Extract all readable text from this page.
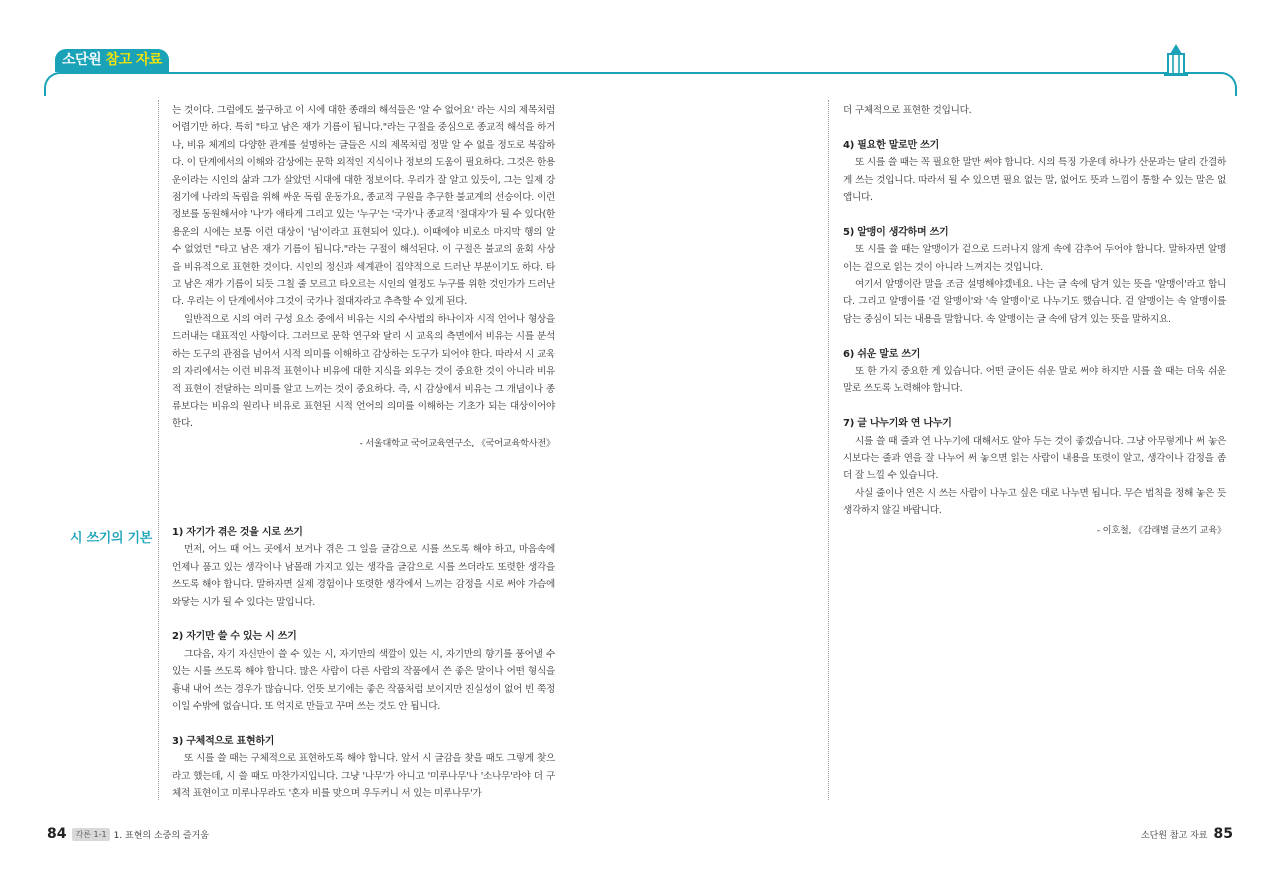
소단원 참고 자료
시 쓰기의 기본

는 것이다. 그럼에도 불구하고 이 시에 대한 종래의 해석들은 '알 수 없어요' 라는 시의 제목처럼 어렵기만 하다. 특히 "타고 남은 재가 기름이 됩니다."라는 구절을 중심으로 종교적 해석을 하거나, 비유 체계의 다양한 관계를 설명하는 글들은 시의 제목처럼 정말 알 수 없을 정도로 복잡하다. 이 단계에서의 이해와 감상에는 문학 외적인 지식이나 정보의 도움이 필요하다. 그것은 한용운이라는 시인의 삶과 그가 살았던 시대에 대한 정보이다. 우리가 잘 알고 있듯이, 그는 일제 강점기에 나라의 독립을 위해 싸운 독립 운동가요, 종교적 구원을 추구한 불교계의 선승이다. 이런 정보를 동원해서야 '나'가 애타게 그리고 있는 '누구'는 '국가'나 종교적 '절대자'가 될 수 있다(한용운의 시에는 보통 이런 대상이 '님'이라고 표현되어 있다.). 이때에야 비로소 마지막 행의 알 수 없었던 "타고 남은 재가 기름이 됩니다."라는 구절이 해석된다. 이 구절은 불교의 윤회 사상을 비유적으로 표현한 것이다. 시인의 정신과 세계관이 집약적으로 드러난 부분이기도 하다. 타고 남은 재가 기름이 되듯 그칠 줄 모르고 타오르는 시인의 열정도 누구를 위한 것인가가 드러난다. 우리는 이 단계에서야 그것이 국가나 절대자라고 추측할 수 있게 된다.

일반적으로 시의 여러 구성 요소 중에서 비유는 시의 수사법의 하나이자 시적 언어나 형상을 드러내는 대표적인 사항이다. 그러므로 문학 연구와 달리 시 교육의 측면에서 비유는 시를 분석하는 도구의 관점을 넘어서 시적 의미를 이해하고 감상하는 도구가 되어야 한다. 따라서 시 교육의 자리에서는 이런 비유적 표현이나 비유에 대한 지식을 외우는 것이 중요한 것이 아니라 비유적 표현이 전달하는 의미를 알고 느끼는 것이 중요하다. 즉, 시 감상에서 비유는 그 개념이나 종류보다는 비유의 원리나 비유로 표현된 시적 언어의 의미를 이해하는 기초가 되는 대상이어야 한다.

- 서울대학교 국어교육연구소, 《국어교육학사전》
1) 자기가 겪은 것을 시로 쓰기

먼저, 어느 때 어느 곳에서 보거나 겪은 그 일을 글감으로 시를 쓰도록 해야 하고, 마음속에 언제나 품고 있는 생각이나 남몰래 가지고 있는 생각을 글감으로 시를 쓰더라도 또렷한 생각을 쓰도록 해야 합니다. 말하자면 실제 경험이나 또렷한 생각에서 느끼는 감정을 시로 써야 가슴에 와닿는 시가 될 수 있다는 말입니다.

2) 자기만 쓸 수 있는 시 쓰기

그다음, 자기 자신만이 쓸 수 있는 시, 자기만의 색깔이 있는 시, 자기만의 향기를 풍어낼 수 있는 시를 쓰도록 해야 합니다. 많은 사람이 다른 사람의 작품에서 쓴 좋은 말이나 어떤 형식을 흉내 내어 쓰는 경우가 많습니다. 언뜻 보기에는 좋은 작품처럼 보이지만 진실성이 없어 빈 쭉정이일 수밖에 없습니다. 또 억지로 만들고 꾸며 쓰는 것도 안 됩니다.

3) 구체적으로 표현하기

또 시를 쓸 때는 구체적으로 표현하도록 해야 합니다. 앞서 시 글감을 찾을 때도 그렇게 찾으라고 했는데, 시 쓸 때도 마찬가지입니다. 그냥 '나무'가 아니고 '미루나무'나 '소나무'라야 더 구체적 표현이고 미루나무라도 '혼자 비를 맞으며 우두커니 서 있는 미루나무'가

더 구체적으로 표현한 것입니다.

4) 필요한 말로만 쓰기

또 시를 쓸 때는 꼭 필요한 말만 써야 합니다. 시의 특징 가운데 하나가 산문과는 달리 간결하게 쓰는 것입니다. 따라서 될 수 있으면 필요 없는 말, 없어도 뜻과 느낌이 통할 수 있는 말은 없앱니다.

5) 알맹이 생각하며 쓰기

또 시를 쓸 때는 알맹이가 겉으로 드러나지 않게 속에 감추어 두어야 합니다. 말하자면 알맹이는 겉으로 읽는 것이 아니라 느껴지는 것입니다.

여기서 알맹이란 말을 조금 설명해야겠네요. 나는 글 속에 담겨 있는 뜻을 '알맹이'라고 합니다. 그리고 알맹이를 '겉 알맹이'와 '속 알맹이'로 나누기도 했습니다. 겉 알맹이는 속 알맹이를 담는 중심이 되는 내용을 말합니다. 속 알맹이는 글 속에 담겨 있는 뜻을 말하지요.

6) 쉬운 말로 쓰기

또 한 가지 중요한 게 있습니다. 어떤 글이든 쉬운 말로 써야 하지만 시를 쓸 때는 더욱 쉬운 말로 쓰도록 노력해야 합니다.

7) 글 나누기와 연 나누기

시를 쓸 때 줄과 연 나누기에 대해서도 알아 두는 것이 좋겠습니다. 그냥 아무렇게나 써 놓은 시보다는 줄과 연을 잘 나누어 써 놓으면 읽는 사람이 내용을 또렷이 알고, 생각이나 감정을 좀 더 잘 느낄 수 있습니다.

사실 줄이나 연은 시 쓰는 사람이 나누고 싶은 대로 나누면 됩니다. 무슨 법칙을 정해 놓은 듯 생각하지 않길 바랍니다.

- 이호철, 《감래별 글쓰기 교육》
84	각론 1-1 1. 표현의 소중의 즐거움	소단원 참고 자료 85
